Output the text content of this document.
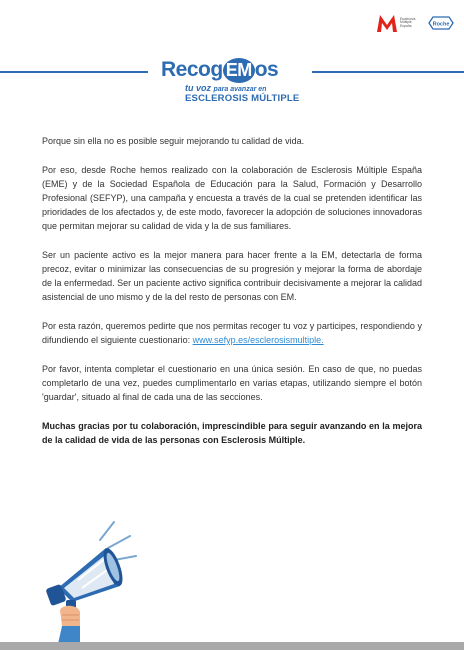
Esclerosis Múltiple España	Roche
Recog EM os
tu voz para avanzar en
ESCLEROSIS MÚLTIPLE

Porque sin ella no es posible seguir mejorando tu calidad de vida.

Por eso, desde Roche hemos realizado con la colaboración de Esclerosis Múltiple España (EME) y de la Sociedad Española de Educación para la Salud, Formación y Desarrollo Profesional (SEFYP), una campaña y encuesta a través de la cual se pretenden identificar las prioridades de los afectados y, de este modo, favorecer la adopción de soluciones innovadoras que permitan mejorar su calidad de vida y la de sus familiares.

Ser un paciente activo es la mejor manera para hacer frente a la EM, detectarla de forma precoz, evitar o minimizar las consecuencias de su progresión y mejorar la forma de abordaje de la enfermedad. Ser un paciente activo significa contribuir decisivamente a mejorar la calidad asistencial de uno mismo y de la del resto de personas con EM.

Por esta razón, queremos pedirte que nos permitas recoger tu voz y participes, respondiendo y difundiendo el siguiente cuestionario: www.sefyp.es/esclerosismultiple.

Por favor, intenta completar el cuestionario en una única sesión. En caso de que, no puedas completarlo de una vez, puedes cumplimentarlo en varias etapas, utilizando siempre el botón 'guardar', situado al final de cada una de las secciones.

Muchas gracias por tu colaboración, imprescindible para seguir avanzando en la mejora de la calidad de vida de las personas con Esclerosis Múltiple.
